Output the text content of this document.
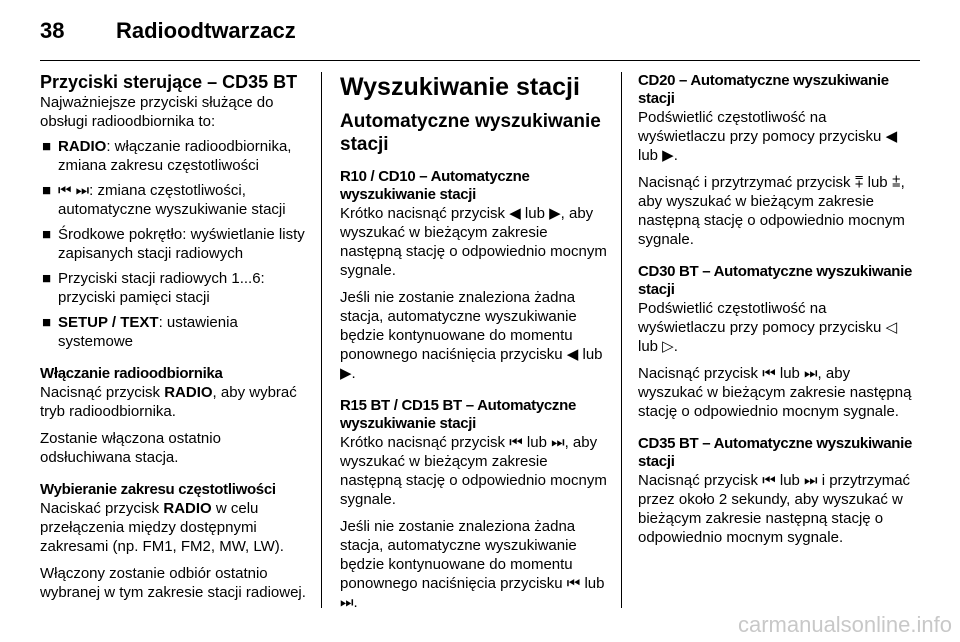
38 Radioodtwarzacz
Przyciski sterujące – CD35 BT

Najważniejsze przyciski służące do obsługi radioodbiornika to:

■ RADIO: włączanie radioodbiornika, zmiana zakresu częstotliwości
■ ⏮ ⏭: zmiana częstotliwości, automatyczne wyszukiwanie stacji
■ Środkowe pokrętło: wyświetlanie listy zapisanych stacji radiowych
■ Przyciski stacji radiowych 1...6: przyciski pamięci stacji
■ SETUP / TEXT: ustawienia systemowe
Włączanie radioodbiornika

Nacisnąć przycisk RADIO, aby wybrać tryb radioodbiornika.

Zostanie włączona ostatnio odsłuchiwana stacja.

Wybieranie zakresu częstotliwości

Naciskać przycisk RADIO w celu przełączenia między dostępnymi zakresami (np. FM1, FM2, MW, LW).

Włączony zostanie odbiór ostatnio wybranej w tym zakresie stacji radiowej.

Wyszukiwanie stacji
Automatyczne wyszukiwanie stacji
R10 / CD10 – Automatyczne wyszukiwanie stacji

Krótko nacisnąć przycisk ◀ lub ▶, aby wyszukać w bieżącym zakresie następną stację o odpowiednio mocnym sygnale.

Jeśli nie zostanie znaleziona żadna stacja, automatyczne wyszukiwanie będzie kontynuowane do momentu ponownego naciśnięcia przycisku ◀ lub ▶.

R15 BT / CD15 BT – Automatyczne wyszukiwanie stacji

Krótko nacisnąć przycisk ⏮ lub ⏭, aby wyszukać w bieżącym zakresie następną stację o odpowiednio mocnym sygnale.

Jeśli nie zostanie znaleziona żadna stacja, automatyczne wyszukiwanie będzie kontynuowane do momentu ponownego naciśnięcia przycisku ⏮ lub ⏭.

CD20 – Automatyczne wyszukiwanie stacji

Podświetlić częstotliwość na wyświetlaczu przy pomocy przycisku ◀ lub ▶.

Nacisnąć i przytrzymać przycisk ⩱ lub ⩲, aby wyszukać w bieżącym zakresie następną stację o odpowiednio mocnym sygnale.

CD30 BT – Automatyczne wyszukiwanie stacji

Podświetlić częstotliwość na wyświetlaczu przy pomocy przycisku ◁ lub ▷.

Nacisnąć przycisk ⏮ lub ⏭, aby wyszukać w bieżącym zakresie następną stację o odpowiednio mocnym sygnale.

CD35 BT – Automatyczne wyszukiwanie stacji

Nacisnąć przycisk ⏮ lub ⏭ i przytrzymać przez około 2 sekundy, aby wyszukać w bieżącym zakresie następną stację o odpowiednio mocnym sygnale.

carmanualsonline.info
